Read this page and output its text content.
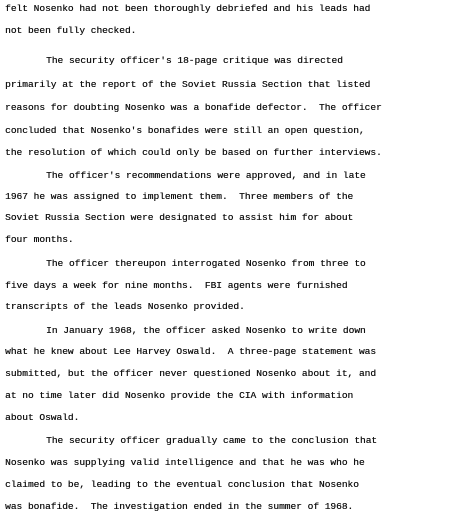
felt Nosenko had not been thoroughly debriefed and his leads had
not been fully checked.
The security officer's 18-page critique was directed
primarily at the report of the Soviet Russia Section that listed
reasons for doubting Nosenko was a bonafide defector.  The officer
concluded that Nosenko's bonafides were still an open question,
the resolution of which could only be based on further interviews.
The officer's recommendations were approved, and in late
1967 he was assigned to implement them.  Three members of the
Soviet Russia Section were designated to assist him for about
four months.
The officer thereupon interrogated Nosenko from three to
five days a week for nine months.  FBI agents were furnished
transcripts of the leads Nosenko provided.
In January 1968, the officer asked Nosenko to write down
what he knew about Lee Harvey Oswald.  A three-page statement was
submitted, but the officer never questioned Nosenko about it, and
at no time later did Nosenko provide the CIA with information
about Oswald.
The security officer gradually came to the conclusion that
Nosenko was supplying valid intelligence and that he was who he
claimed to be, leading to the eventual conclusion that Nosenko
was bonafide.  The investigation ended in the summer of 1968.
